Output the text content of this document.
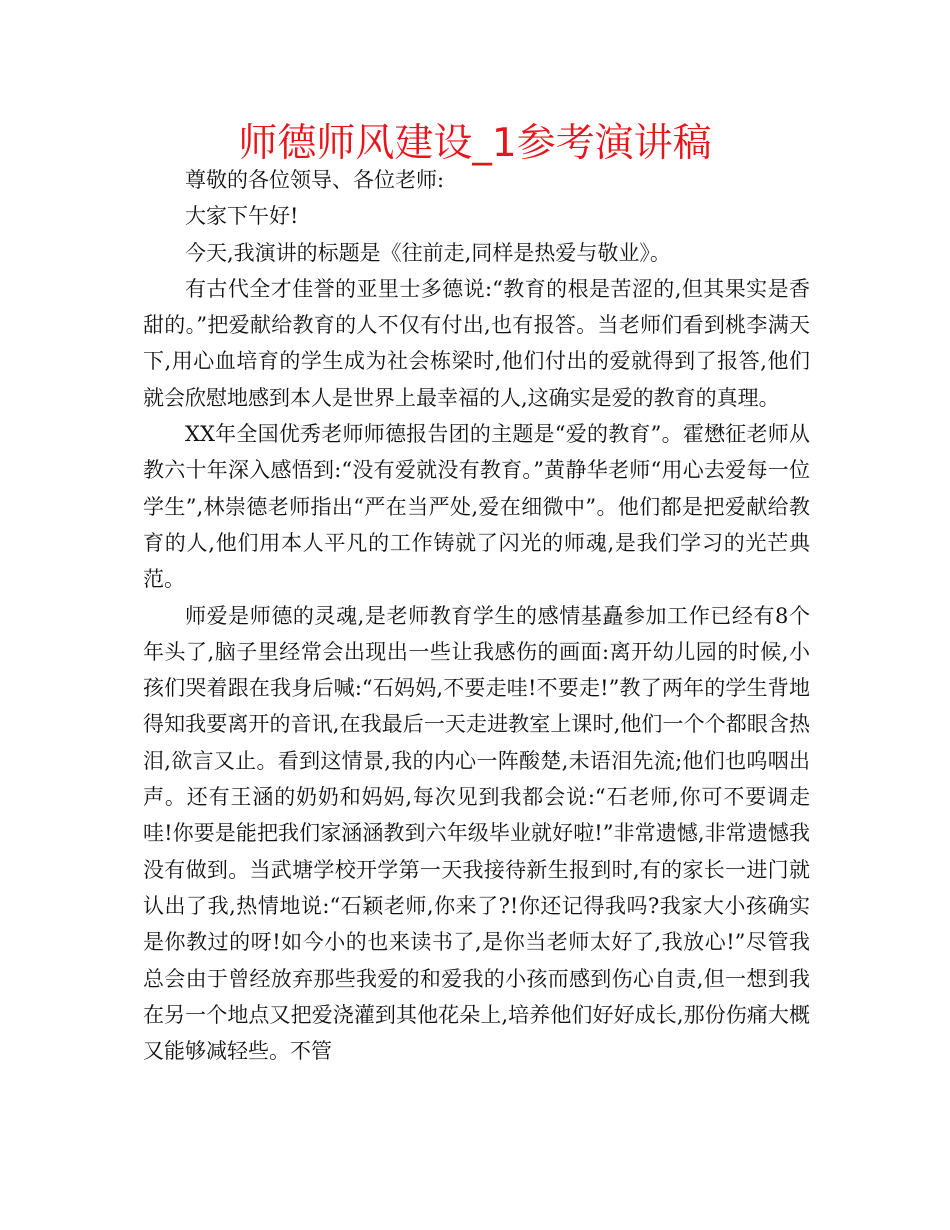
师德师风建设_1参考演讲稿

尊敬的各位领导、各位老师:

大家下午好!

今天,我演讲的标题是《往前走,同样是热爱与敬业》。

有古代全才佳誉的亚里士多德说:“教育的根是苦涩的,但其果实是香甜的。”把爱献给教育的人不仅有付出,也有报答。当老师们看到桃李满天下,用心血培育的学生成为社会栋梁时,他们付出的爱就得到了报答,他们就会欣慰地感到本人是世界上最幸福的人,这确实是爱的教育的真理。

XX年全国优秀老师师德报告团的主题是“爱的教育”。霍懋征老师从教六十年深入感悟到:“没有爱就没有教育。”黄静华老师“用心去爱每一位学生”,林崇德老师指出“严在当严处,爱在细微中”。他们都是把爱献给教育的人,他们用本人平凡的工作铸就了闪光的师魂,是我们学习的光芒典范。

师爱是师德的灵魂,是老师教育学生的感情基矗参加工作已经有8个年头了,脑子里经常会出现出一些让我感伤的画面:离开幼儿园的时候,小孩们哭着跟在我身后喊:“石妈妈,不要走哇!不要走!”教了两年的学生背地得知我要离开的音讯,在我最后一天走进教室上课时,他们一个个都眼含热泪,欲言又止。看到这情景,我的内心一阵酸楚,未语泪先流;他们也呜咽出声。还有王涵的奶奶和妈妈,每次见到我都会说:“石老师,你可不要调走哇!你要是能把我们家涵涵教到六年级毕业就好啦!”非常遗憾,非常遗憾我没有做到。当武塘学校开学第一天我接待新生报到时,有的家长一进门就认出了我,热情地说:“石颖老师,你来了?!你还记得我吗?我家大小孩确实是你教过的呀!如今小的也来读书了,是你当老师太好了,我放心!”尽管我总会由于曾经放弃那些我爱的和爱我的小孩而感到伤心自责,但一想到我在另一个地点又把爱浇灌到其他花朵上,培养他们好好成长,那份伤痛大概又能够减轻些。不管
